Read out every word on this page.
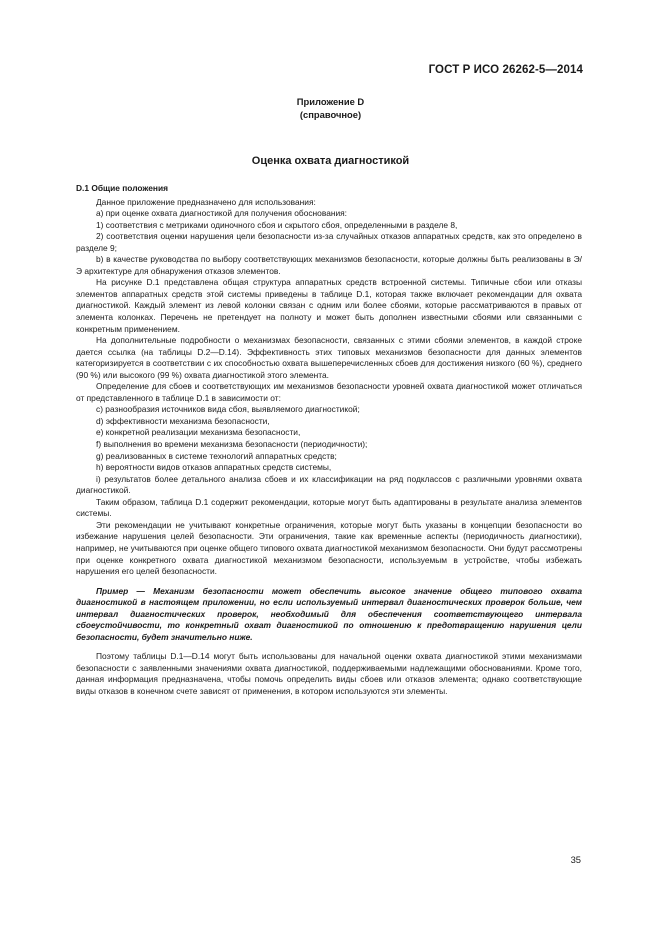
ГОСТ Р ИСО 26262-5—2014
Приложение D
(справочное)
Оценка охвата диагностикой
D.1 Общие положения

Данное приложение предназначено для использования:

а) при оценке охвата диагностикой для получения обоснования:

1) соответствия с метриками одиночного сбоя и скрытого сбоя, определенными в разделе 8,

2) соответствия оценки нарушения цели безопасности из-за случайных отказов аппаратных средств, как это определено в разделе 9;

b) в качестве руководства по выбору соответствующих механизмов безопасности, которые должны быть реализованы в Э/Э архитектуре для обнаружения отказов элементов.

На рисунке D.1 представлена общая структура аппаратных средств встроенной системы. Типичные сбои или отказы элементов аппаратных средств этой системы приведены в таблице D.1, которая также включает рекомендации для охвата диагностикой. Каждый элемент из левой колонки связан с одним или более сбоями, которые рассматриваются в правых от элемента колонках. Перечень не претендует на полноту и может быть дополнен известными сбоями или связанными с конкретным применением.

На дополнительные подробности о механизмах безопасности, связанных с этими сбоями элементов, в каждой строке дается ссылка (на таблицы D.2—D.14). Эффективность этих типовых механизмов безопасности для данных элементов категоризируется в соответствии с их способностью охвата вышеперечисленных сбоев для достижения низкого (60 %), среднего (90 %) или высокого (99 %) охвата диагностикой этого элемента.

Определение для сбоев и соответствующих им механизмов безопасности уровней охвата диагностикой может отличаться от представленного в таблице D.1 в зависимости от:

c) разнообразия источников вида сбоя, выявляемого диагностикой;

d) эффективности механизма безопасности,

e) конкретной реализации механизма безопасности,

f) выполнения во времени механизма безопасности (периодичности);

g) реализованных в системе технологий аппаратных средств;

h) вероятности видов отказов аппаратных средств системы,

i) результатов более детального анализа сбоев и их классификации на ряд подклассов с различными уровнями охвата диагностикой.

Таким образом, таблица D.1 содержит рекомендации, которые могут быть адаптированы в результате анализа элементов системы.

Эти рекомендации не учитывают конкретные ограничения, которые могут быть указаны в концепции безопасности во избежание нарушения целей безопасности. Эти ограничения, такие как временные аспекты (периодичность диагностики), например, не учитываются при оценке общего типового охвата диагностикой механизмом безопасности. Они будут рассмотрены при оценке конкретного охвата диагностикой механизмом безопасности, используемым в устройстве, чтобы избежать нарушения его целей безопасности.

Пример — Механизм безопасности может обеспечить высокое значение общего типового охвата диагностикой в настоящем приложении, но если используемый интервал диагностических проверок больше, чем интервал диагностических проверок, необходимый для обеспечения соответствующего интервала сбоеустойчивости, то конкретный охват диагностикой по отношению к предотвращению нарушения цели безопасности, будет значительно ниже.

Поэтому таблицы D.1—D.14 могут быть использованы для начальной оценки охвата диагностикой этими механизмами безопасности с заявленными значениями охвата диагностикой, поддерживаемыми надлежащими обоснованиями. Кроме того, данная информация предназначена, чтобы помочь определить виды сбоев или отказов элемента; однако соответствующие виды отказов в конечном счете зависят от применения, в котором используются эти элементы.

35
